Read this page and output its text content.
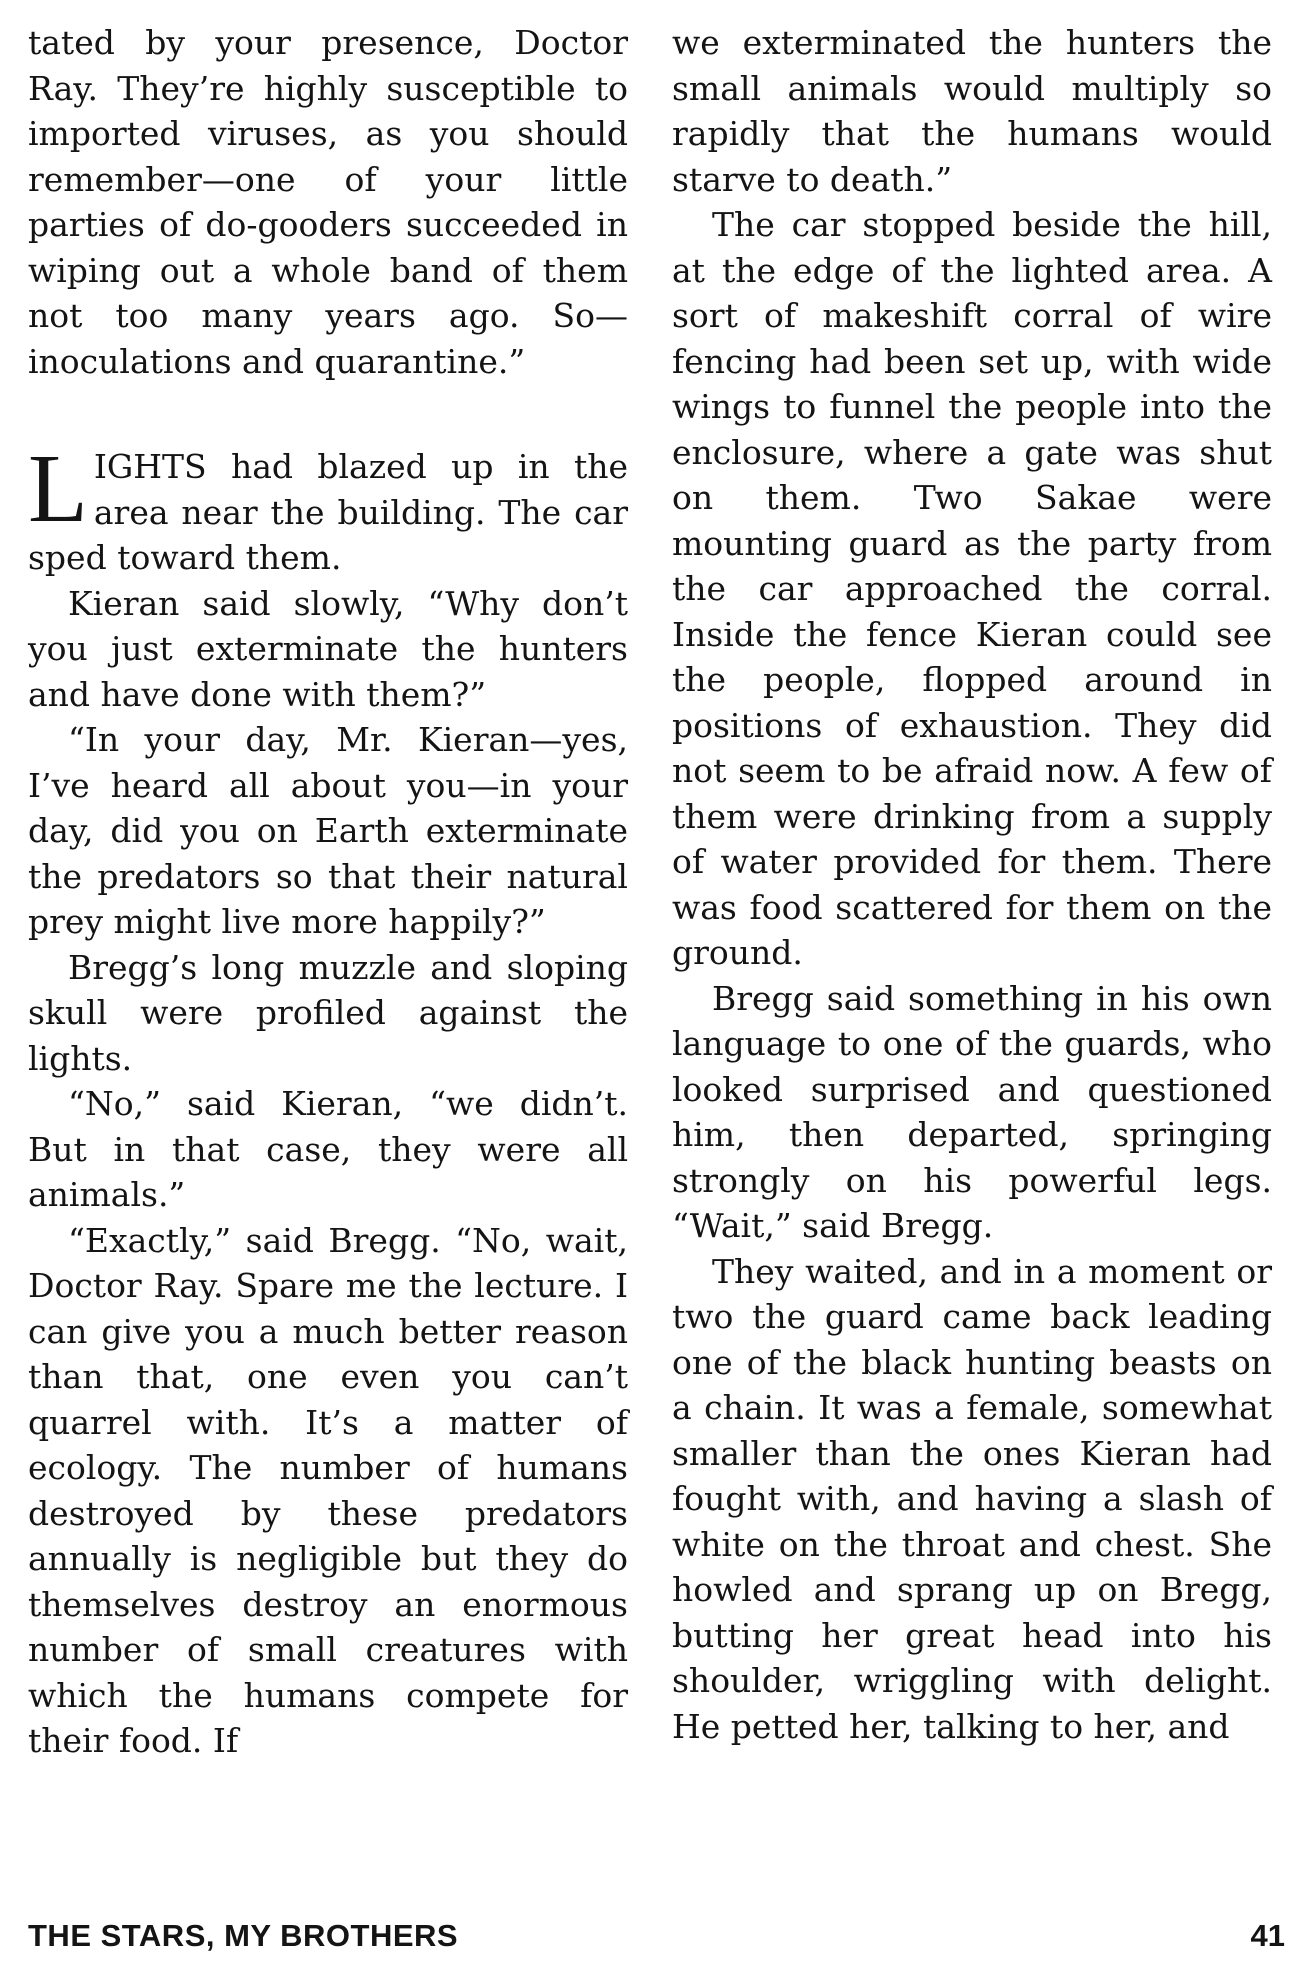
tated by your presence, Doctor Ray. They’re highly susceptible to imported viruses, as you should remember—one of your little parties of do-gooders succeeded in wiping out a whole band of them not too many years ago. So—inoculations and quarantine.”

LIGHTS had blazed up in the area near the building. The car sped toward them.

Kieran said slowly, “Why don’t you just exterminate the hunters and have done with them?”

“In your day, Mr. Kieran—yes, I’ve heard all about you—in your day, did you on Earth exterminate the predators so that their natural prey might live more happily?”

Bregg’s long muzzle and sloping skull were profiled against the lights.

“No,” said Kieran, “we didn’t. But in that case, they were all animals.”

“Exactly,” said Bregg. “No, wait, Doctor Ray. Spare me the lecture. I can give you a much better reason than that, one even you can’t quarrel with. It’s a matter of ecology. The number of humans destroyed by these predators annually is negligible but they do themselves destroy an enormous number of small creatures with which the humans compete for their food. If

we exterminated the hunters the small animals would multiply so rapidly that the humans would starve to death.”

The car stopped beside the hill, at the edge of the lighted area. A sort of makeshift corral of wire fencing had been set up, with wide wings to funnel the people into the enclosure, where a gate was shut on them. Two Sakae were mounting guard as the party from the car approached the corral. Inside the fence Kieran could see the people, flopped around in positions of exhaustion. They did not seem to be afraid now. A few of them were drinking from a supply of water provided for them. There was food scattered for them on the ground.

Bregg said something in his own language to one of the guards, who looked surprised and questioned him, then departed, springing strongly on his powerful legs. “Wait,” said Bregg.

They waited, and in a moment or two the guard came back leading one of the black hunting beasts on a chain. It was a female, somewhat smaller than the ones Kieran had fought with, and having a slash of white on the throat and chest. She howled and sprang up on Bregg, butting her great head into his shoulder, wriggling with delight. He petted her, talking to her, and

THE STARS, MY BROTHERS	41
